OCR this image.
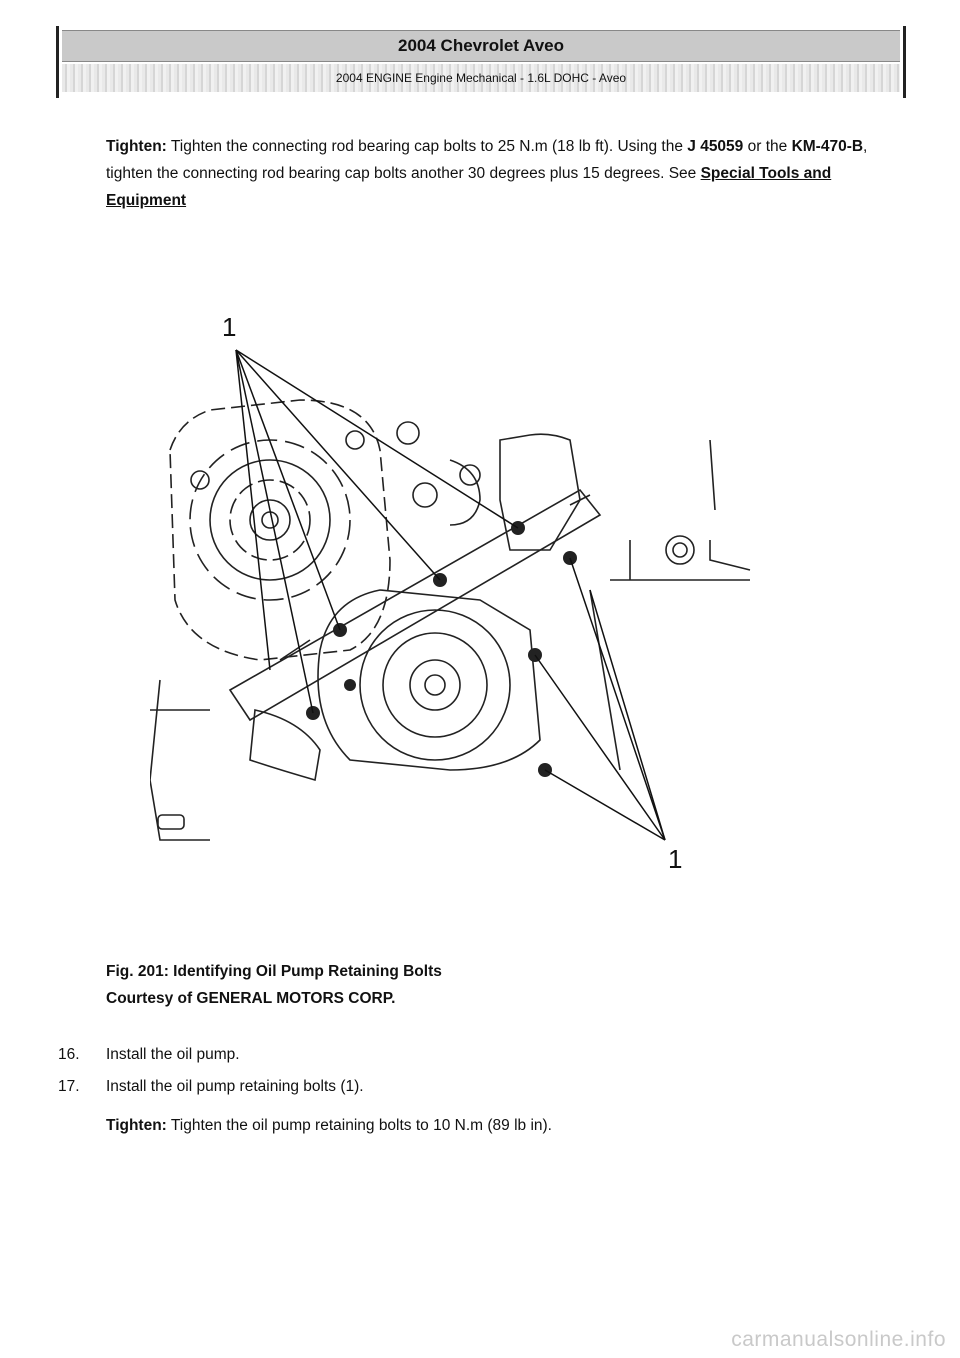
2004 Chevrolet Aveo
2004 ENGINE Engine Mechanical - 1.6L DOHC - Aveo
Tighten: Tighten the connecting rod bearing cap bolts to 25 N.m (18 lb ft). Using the J 45059 or the KM-470-B, tighten the connecting rod bearing cap bolts another 30 degrees plus 15 degrees. See Special Tools and Equipment
1
1
Fig. 201: Identifying Oil Pump Retaining Bolts
Courtesy of GENERAL MOTORS CORP.
16.	Install the oil pump.
17.	Install the oil pump retaining bolts (1).
Tighten: Tighten the oil pump retaining bolts to 10 N.m (89 lb in).
carmanualsonline.info
